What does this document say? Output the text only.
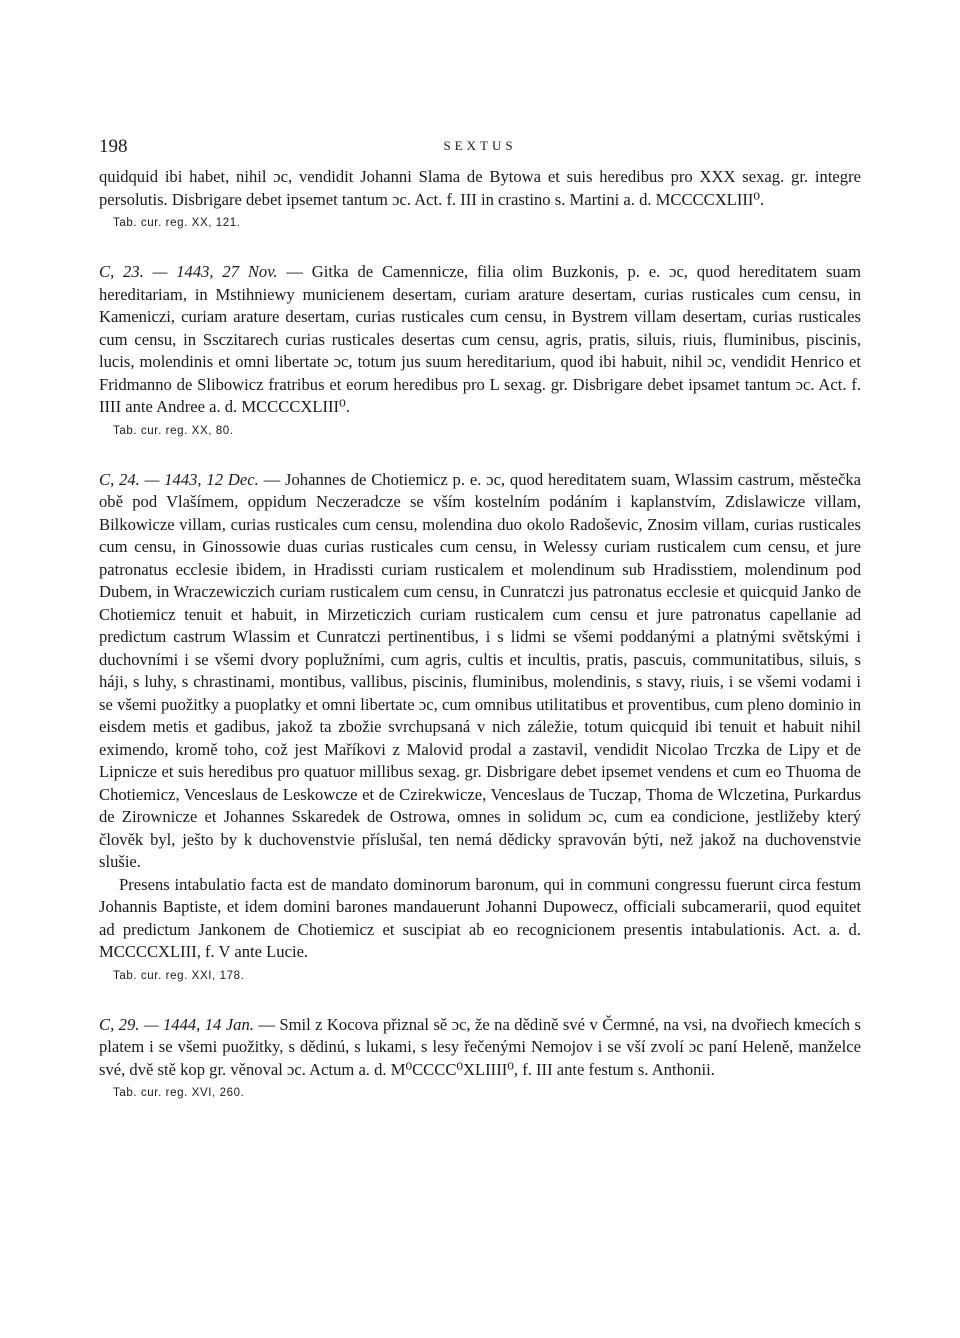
198	SEXTUS

quidquid ibi habet, nihil ɔc, vendidit Johanni Slama de Bytowa et suis heredibus pro XXX sexag. gr. integre persolutis. Disbrigare debet ipsemet tantum ɔc. Act. f. III in crastino s. Martini a. d. MCCCCXLIII⁰.

Tab. cur. reg. XX, 121.

C, 23. — 1443, 27 Nov. — Gitka de Camennicze, filia olim Buzkonis, p. e. ɔc, quod hereditatem suam hereditariam, in Mstihniewy municienem desertam, curiam arature desertam, curias rusticales cum censu, in Kameniczi, curiam arature desertam, curias rusticales cum censu, in Bystrem villam desertam, curias rusticales cum censu, in Ssczitarech curias rusticales desertas cum censu, agris, pratis, siluis, riuis, fluminibus, piscinis, lucis, molendinis et omni libertate ɔc, totum jus suum hereditarium, quod ibi habuit, nihil ɔc, vendidit Henrico et Fridmanno de Slibowicz fratribus et eorum heredibus pro L sexag. gr. Disbrigare debet ipsamet tantum ɔc. Act. f. IIII ante Andree a. d. MCCCCXLIII⁰.

Tab. cur. reg. XX, 80.

C, 24. — 1443, 12 Dec. — Johannes de Chotiemicz p. e. ɔc, quod hereditatem suam, Wlassim castrum, městečka obě pod Vlašímem, oppidum Neczeradcze se vším kostelním podáním i kaplanstvím, Zdislawicze villam, Bilkowicze villam, curias rusticales cum censu, molendina duo okolo Radoševic, Znosim villam, curias rusticales cum censu, in Ginossowie duas curias rusticales cum censu, in Welessy curiam rusticalem cum censu, et jure patronatus ecclesie ibidem, in Hradissti curiam rusticalem et molendinum sub Hradisstiem, molendinum pod Dubem, in Wraczewiczich curiam rusticalem cum censu, in Cunratczi jus patronatus ecclesie et quicquid Janko de Chotiemicz tenuit et habuit, in Mirzeticzich curiam rusticalem cum censu et jure patronatus capellanie ad predictum castrum Wlassim et Cunratczi pertinentibus, i s lidmi se všemi poddanými a platnými světskými i duchovními i se všemi dvory poplužními, cum agris, cultis et incultis, pratis, pascuis, communitatibus, siluis, s háji, s luhy, s chrastinami, montibus, vallibus, piscinis, fluminibus, molendinis, s stavy, riuis, i se všemi vodami i se všemi puožitky a puoplatky et omni libertate ɔc, cum omnibus utilitatibus et proventibus, cum pleno dominio in eisdem metis et gadibus, jakož ta zbožie svrchupsaná v nich záležie, totum quicquid ibi tenuit et habuit nihil eximendo, kromě toho, což jest Maříkovi z Malovid prodal a zastavil, vendidit Nicolao Trczka de Lipy et de Lipnicze et suis heredibus pro quatuor millibus sexag. gr. Disbrigare debet ipsemet vendens et cum eo Thuoma de Chotiemicz, Venceslaus de Leskowcze et de Czirekwicze, Venceslaus de Tuczap, Thoma de Wlczetina, Purkardus de Zirownicze et Johannes Sskaredek de Ostrowa, omnes in solidum ɔc, cum ea condicione, jestližeby který člověk byl, ješto by k duchovenstvie příslušal, ten nemá dědicky spravován býti, než jakož na duchovenstvie slušie.

Presens intabulatio facta est de mandato dominorum baronum, qui in communi congressu fuerunt circa festum Johannis Baptiste, et idem domini barones mandauerunt Johanni Dupowecz, officiali subcamerarii, quod equitet ad predictum Jankonem de Chotiemicz et suscipiat ab eo recognicionem presentis intabulationis. Act. a. d. MCCCCXLIII, f. V ante Lucie.

Tab. cur. reg. XXI, 178.

C, 29. — 1444, 14 Jan. — Smil z Kocova přiznal sě ɔc, že na dědině své v Čermné, na vsi, na dvořiech kmecích s platem i se všemi puožitky, s dědinú, s lukami, s lesy řečenými Nemojov i se vší zvolí ɔc paní Heleně, manželce své, dvě stě kop gr. věnoval ɔc. Actum a. d. M⁰CCCC⁰XLIIII⁰, f. III ante festum s. Anthonii.

Tab. cur. reg. XVI, 260.
